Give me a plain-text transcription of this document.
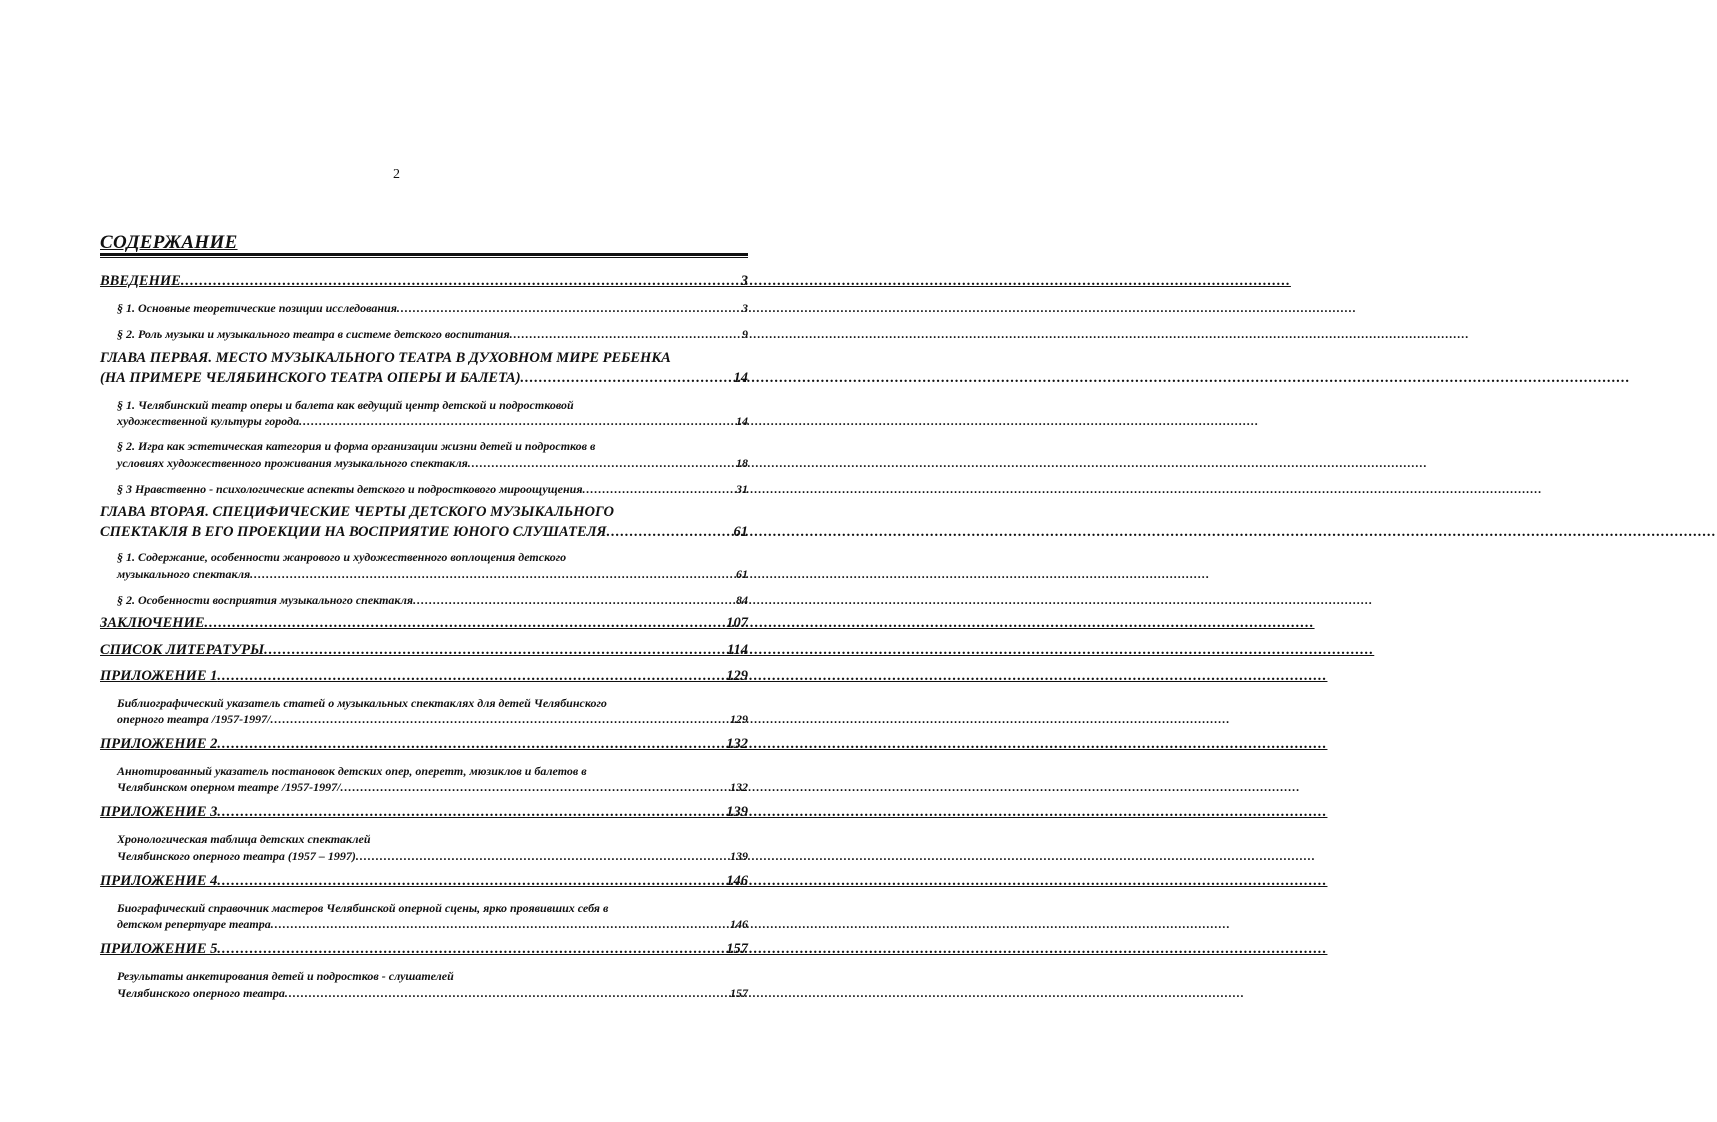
2
СОДЕРЖАНИЕ
ВВЕДЕНИЕ .....	3
§ 1. Основные теоретические позиции исследования .....	3
§ 2. Роль музыки и музыкального театра в системе детского воспитания .....	9
ГЛАВА ПЕРВАЯ. МЕСТО МУЗЫКАЛЬНОГО ТЕАТРА В ДУХОВНОМ МИРЕ РЕБЕНКА
(НА ПРИМЕРЕ ЧЕЛЯБИНСКОГО ТЕАТРА ОПЕРЫ И БАЛЕТА) .....	14
§ 1. Челябинский театр оперы и балета как ведущий центр детской и подростковой
художественной культуры города .....	14
§ 2. Игра как эстетическая категория и форма организации жизни детей и подростков в
условиях художественного проживания музыкального спектакля .....	18
§ 3 Нравственно - психологические аспекты детского и подросткового мироощущения .....	31
ГЛАВА ВТОРАЯ. СПЕЦИФИЧЕСКИЕ ЧЕРТЫ ДЕТСКОГО МУЗЫКАЛЬНОГО
СПЕКТАКЛЯ В ЕГО ПРОЕКЦИИ НА ВОСПРИЯТИЕ ЮНОГО СЛУШАТЕЛЯ .....	61
§ 1. Содержание, особенности жанрового и художественного воплощения детского
музыкального спектакля .....	61
§ 2. Особенности восприятия музыкального спектакля .....	84
ЗАКЛЮЧЕНИЕ .....	107
СПИСОК ЛИТЕРАТУРЫ .....	114
ПРИЛОЖЕНИЕ 1 .....	129
Библиографический указатель статей о музыкальных спектаклях для детей Челябинского
оперного театра /1957-1997/ .....	129
ПРИЛОЖЕНИЕ 2 .....	132
Аннотированный указатель постановок детских опер, оперетт, мюзиклов и балетов в
Челябинском оперном театре /1957-1997/ .....	132
ПРИЛОЖЕНИЕ 3 .....	139
Хронологическая таблица детских спектаклей
Челябинского оперного театра (1957 – 1997) .....	139
ПРИЛОЖЕНИЕ 4 .....	146
Биографический справочник мастеров Челябинской оперной сцены, ярко проявивших себя в
детском репертуаре театра .....	146
ПРИЛОЖЕНИЕ 5 .....	157
Результаты анкетирования детей и подростков - слушателей
Челябинского оперного театра .....	157
